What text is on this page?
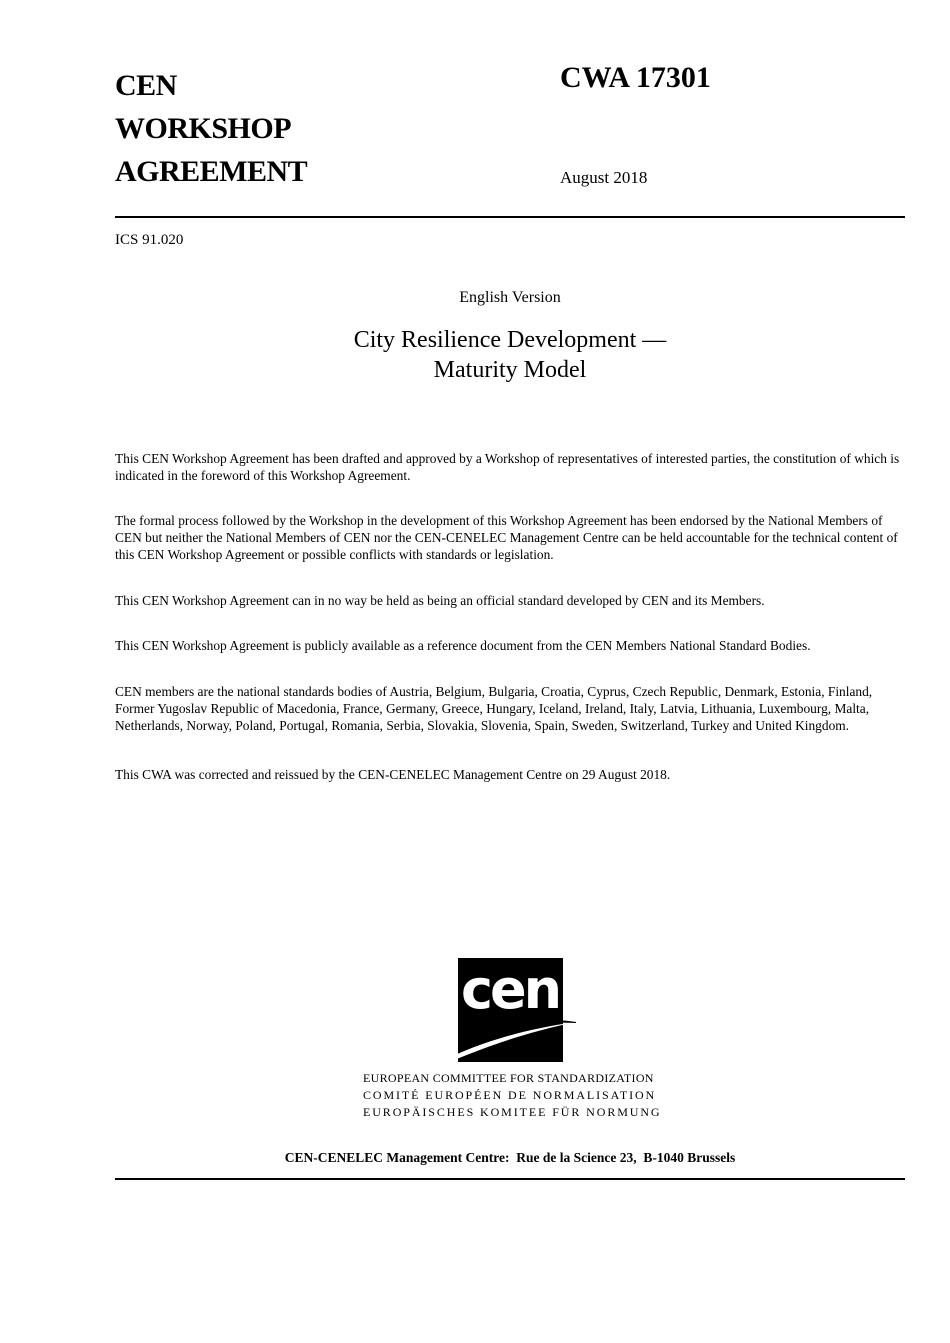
CEN
WORKSHOP
AGREEMENT
CWA 17301
August 2018
ICS 91.020
English Version
City Resilience Development —
Maturity Model

This CEN Workshop Agreement has been drafted and approved by a Workshop of representatives of interested parties, the constitution of which is indicated in the foreword of this Workshop Agreement.

The formal process followed by the Workshop in the development of this Workshop Agreement has been endorsed by the National Members of CEN but neither the National Members of CEN nor the CEN-CENELEC Management Centre can be held accountable for the technical content of this CEN Workshop Agreement or possible conflicts with standards or legislation.

This CEN Workshop Agreement can in no way be held as being an official standard developed by CEN and its Members.

This CEN Workshop Agreement is publicly available as a reference document from the CEN Members National Standard Bodies.

CEN members are the national standards bodies of Austria, Belgium, Bulgaria, Croatia, Cyprus, Czech Republic, Denmark, Estonia, Finland, Former Yugoslav Republic of Macedonia, France, Germany, Greece, Hungary, Iceland, Ireland, Italy, Latvia, Lithuania, Luxembourg, Malta, Netherlands, Norway, Poland, Portugal, Romania, Serbia, Slovakia, Slovenia, Spain, Sweden, Switzerland, Turkey and United Kingdom.

This CWA was corrected and reissued by the CEN-CENELEC Management Centre on 29 August 2018.

cen
EUROPEAN COMMITTEE FOR STANDARDIZATION
COMITÉ EUROPÉEN DE NORMALISATION
EUROPÄISCHES KOMITEE FÜR NORMUNG
CEN-CENELEC Management Centre:  Rue de la Science 23,  B-1040 Brussels
